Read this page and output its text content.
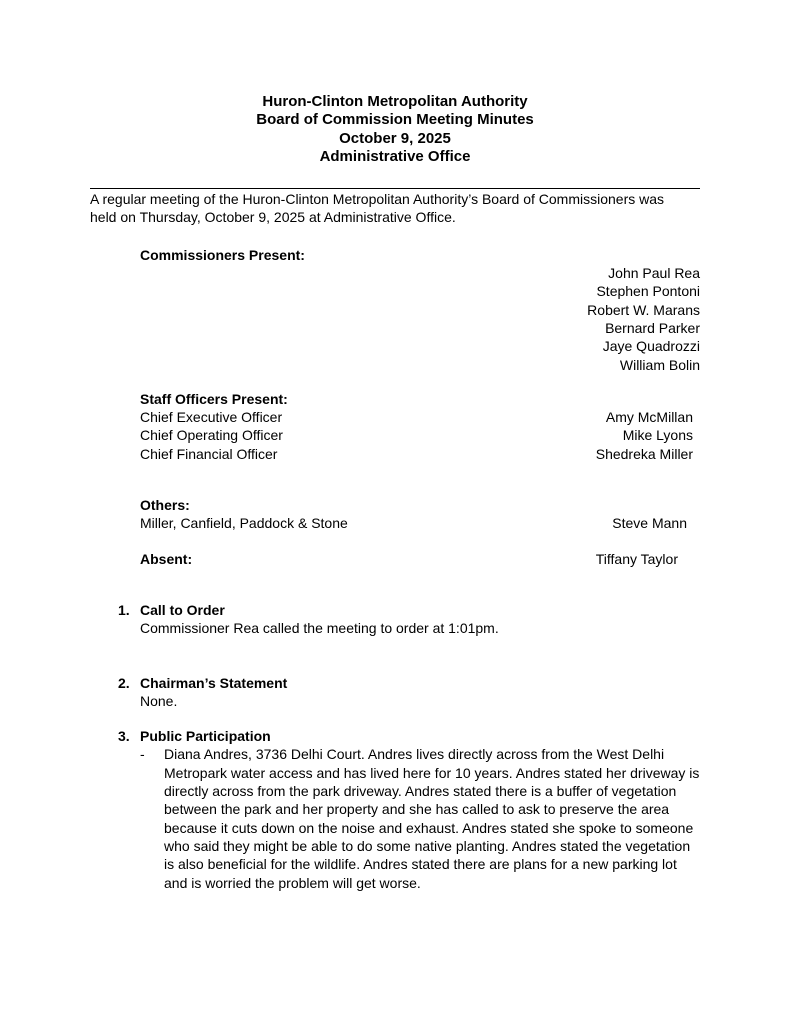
Huron-Clinton Metropolitan Authority
Board of Commission Meeting Minutes
October 9, 2025
Administrative Office

A regular meeting of the Huron-Clinton Metropolitan Authority’s Board of Commissioners was held on Thursday, October 9, 2025 at Administrative Office.

Commissioners Present:
John Paul Rea
Stephen Pontoni
Robert W. Marans
Bernard Parker
Jaye Quadrozzi
William Bolin
Staff Officers Present:
Chief Executive Officer	Amy McMillan
Chief Operating Officer	Mike Lyons
Chief Financial Officer	Shedreka Miller
Others:
Miller, Canfield, Paddock & Stone	Steve Mann
Absent:	Tiffany Taylor
1. Call to Order
Commissioner Rea called the meeting to order at 1:01pm.
2. Chairman’s Statement
None.
3. Public Participation
-	Diana Andres, 3736 Delhi Court. Andres lives directly across from the West Delhi Metropark water access and has lived here for 10 years. Andres stated her driveway is directly across from the park driveway. Andres stated there is a buffer of vegetation between the park and her property and she has called to ask to preserve the area because it cuts down on the noise and exhaust. Andres stated she spoke to someone who said they might be able to do some native planting. Andres stated the vegetation is also beneficial for the wildlife. Andres stated there are plans for a new parking lot and is worried the problem will get worse.
